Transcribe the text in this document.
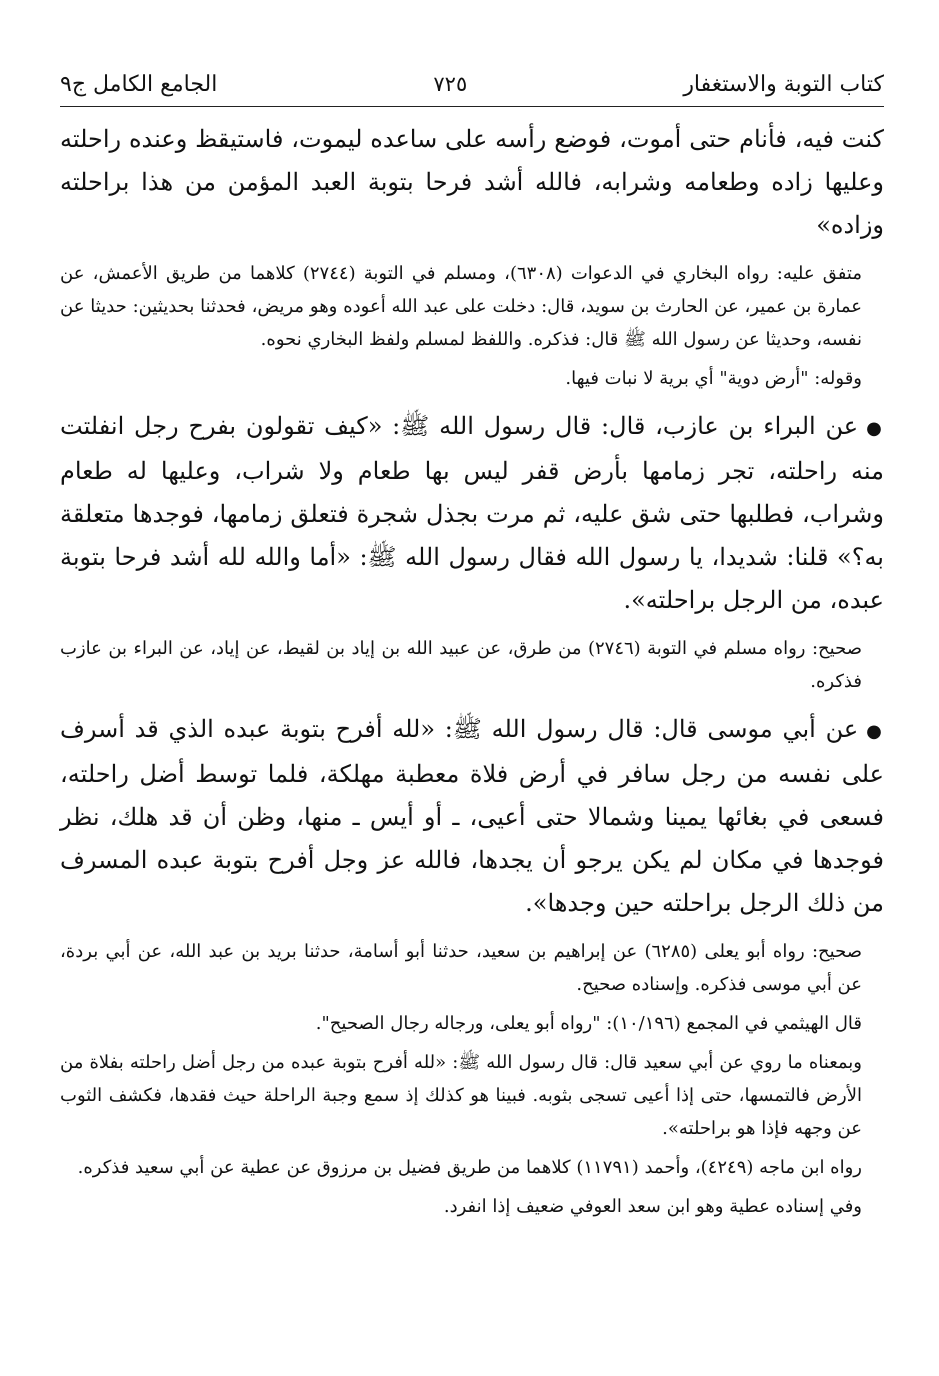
كتاب التوبة والاستغفار
٧٢٥
الجامع الكامل ج٩

كنت فيه، فأنام حتى أموت، فوضع رأسه على ساعده ليموت، فاستيقظ وعنده راحلته وعليها زاده وطعامه وشرابه، فالله أشد فرحا بتوبة العبد المؤمن من هذا براحلته وزاده»

متفق عليه: رواه البخاري في الدعوات (٦٣٠٨)، ومسلم في التوبة (٢٧٤٤) كلاهما من طريق الأعمش، عن عمارة بن عمير، عن الحارث بن سويد، قال: دخلت على عبد الله أعوده وهو مريض، فحدثنا بحديثين: حديثا عن نفسه، وحديثا عن رسول الله ﷺ قال: فذكره. واللفظ لمسلم ولفظ البخاري نحوه.

وقوله: "أرض دوية" أي برية لا نبات فيها.

●عن البراء بن عازب، قال: قال رسول الله ﷺ: «كيف تقولون بفرح رجل انفلتت منه راحلته، تجر زمامها بأرض قفر ليس بها طعام ولا شراب، وعليها له طعام وشراب، فطلبها حتى شق عليه، ثم مرت بجذل شجرة فتعلق زمامها، فوجدها متعلقة به؟» قلنا: شديدا، يا رسول الله فقال رسول الله ﷺ: «أما والله لله أشد فرحا بتوبة عبده، من الرجل براحلته».

صحيح: رواه مسلم في التوبة (٢٧٤٦) من طرق، عن عبيد الله بن إياد بن لقيط، عن إياد، عن البراء بن عازب فذكره.

●عن أبي موسى قال: قال رسول الله ﷺ: «لله أفرح بتوبة عبده الذي قد أسرف على نفسه من رجل سافر في أرض فلاة معطبة مهلكة، فلما توسط أضل راحلته، فسعى في بغائها يمينا وشمالا حتى أعيى، ـ أو أيس ـ منها، وظن أن قد هلك، نظر فوجدها في مكان لم يكن يرجو أن يجدها، فالله عز وجل أفرح بتوبة عبده المسرف من ذلك الرجل براحلته حين وجدها».

صحيح: رواه أبو يعلى (٦٢٨٥) عن إبراهيم بن سعيد، حدثنا أبو أسامة، حدثنا بريد بن عبد الله، عن أبي بردة، عن أبي موسى فذكره. وإسناده صحيح.

قال الهيثمي في المجمع (١٠/١٩٦): "رواه أبو يعلى، ورجاله رجال الصحيح".

وبمعناه ما روي عن أبي سعيد قال: قال رسول الله ﷺ: «لله أفرح بتوبة عبده من رجل أضل راحلته بفلاة من الأرض فالتمسها، حتى إذا أعيى تسجى بثوبه. فبينا هو كذلك إذ سمع وجبة الراحلة حيث فقدها، فكشف الثوب عن وجهه فإذا هو براحلته».

رواه ابن ماجه (٤٢٤٩)، وأحمد (١١٧٩١) كلاهما من طريق فضيل بن مرزوق عن عطية عن أبي سعيد فذكره.

وفي إسناده عطية وهو ابن سعد العوفي ضعيف إذا انفرد.
